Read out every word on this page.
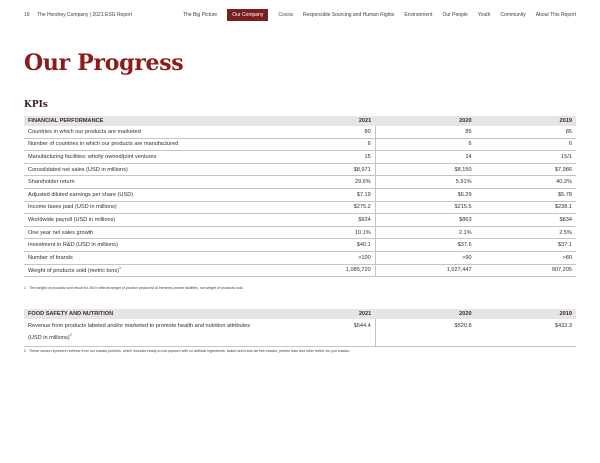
19 The Hershey Company | 2021 ESG Report	The Big Picture	Our Company	Cocoa Responsible Sourcing and Human Rights Environment Our People Youth Community About This Report
Our Progress
KPIs
FINANCIAL PERFORMANCE	2021	2020	2019
Countries in which our products are marketed	80	85	85
Number of countries in which our products are manufactured	6	6	6
Manufacturing facilities: wholly owned/joint ventures	15	14	15/1
Consolidated net sales (USD in millions)	$8,971	$8,150	$7,986
Shareholder return	29.6%	5.91%	40.2%
Adjusted diluted earnings per share (USD)	$7.19	$6.29	$5.78
Income taxes paid (USD in millions)	$275.2	$215.5	$238.1
Worldwide payroll (USD in millions)	$924	$863	$834
One year net sales growth	10.1%	2.1%	2.5%
Investment in R&D (USD in millions)	$40.1	$37.6	$37.1
Number of brands	>100	>90	>80
Weight of products sold (metric tons)$^1$	1,085,720	1,027,447	907,205
1 The weight of products sold result for 2019 reflects weight of product produced at Hershey-owned facilities, not weight of products sold.
FOOD SAFETY AND NUTRITION	2021	2020	2019
Revenue from products labeled and/or marketed to promote health and nutrition attributes
(USD in millions)$^2$	$644.4	$520.8	$432.3
2 These values represent revenue from our snacks portfolio, which includes ready-to-eat popcorn with no artificial ingredients, baked and trans-fat free snacks, protein bars and other better-for-you snacks.
